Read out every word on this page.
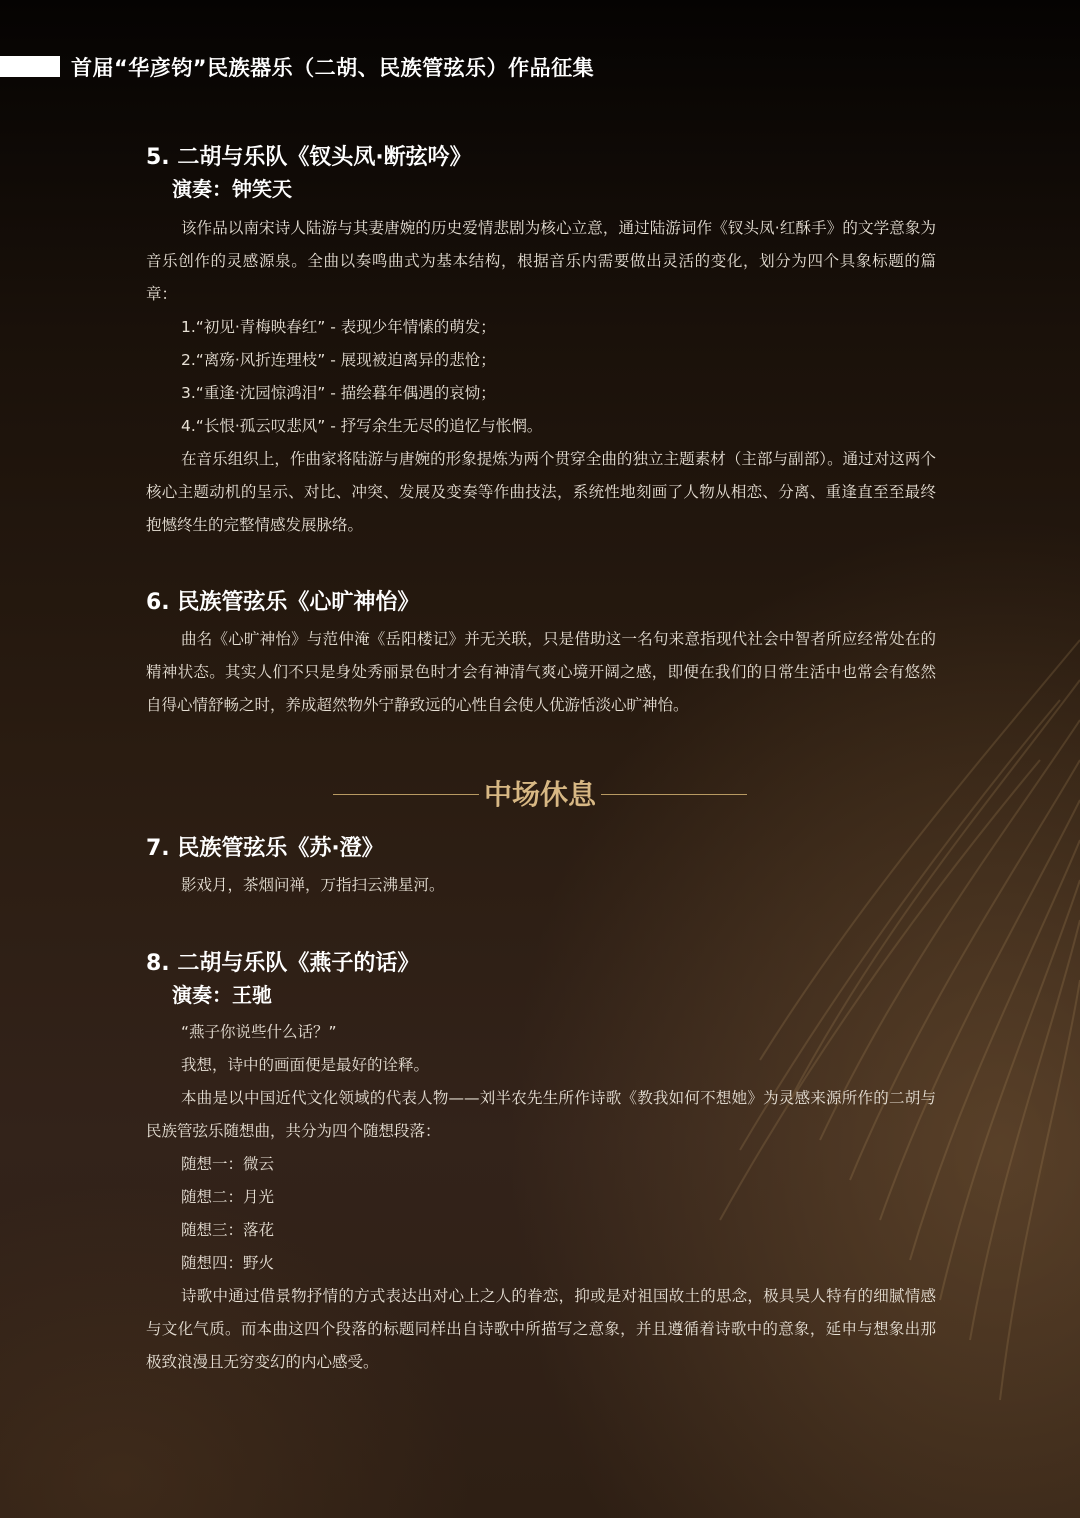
首届“华彦钧”民族器乐（二胡、民族管弦乐）作品征集
5. 二胡与乐队《钗头凤·断弦吟》
演奏：钟笑天

该作品以南宋诗人陆游与其妻唐婉的历史爱情悲剧为核心立意，通过陆游词作《钗头凤·红酥手》的文学意象为音乐创作的灵感源泉。全曲以奏鸣曲式为基本结构，根据音乐内需要做出灵活的变化，划分为四个具象标题的篇章：

1.“初见·青梅映春红” - 表现少年情愫的萌发；

2.“离殇·风折连理枝” - 展现被迫离异的悲怆；

3.“重逢·沈园惊鸿泪” - 描绘暮年偶遇的哀恸；

4.“长恨·孤云叹悲风” - 抒写余生无尽的追忆与怅惘。

在音乐组织上，作曲家将陆游与唐婉的形象提炼为两个贯穿全曲的独立主题素材（主部与副部）。通过对这两个核心主题动机的呈示、对比、冲突、发展及变奏等作曲技法，系统性地刻画了人物从相恋、分离、重逢直至至最终抱憾终生的完整情感发展脉络。

6. 民族管弦乐《心旷神怡》

曲名《心旷神怡》与范仲淹《岳阳楼记》并无关联，只是借助这一名句来意指现代社会中智者所应经常处在的精神状态。其实人们不只是身处秀丽景色时才会有神清气爽心境开阔之感，即便在我们的日常生活中也常会有悠然自得心情舒畅之时，养成超然物外宁静致远的心性自会使人优游恬淡心旷神怡。

中场休息
7. 民族管弦乐《苏·澄》

影戏月，茶烟问禅，万指扫云沸星河。

8. 二胡与乐队《燕子的话》
演奏：王驰

“燕子你说些什么话？”

我想，诗中的画面便是最好的诠释。

本曲是以中国近代文化领域的代表人物——刘半农先生所作诗歌《教我如何不想她》为灵感来源所作的二胡与民族管弦乐随想曲，共分为四个随想段落：

随想一：微云

随想二：月光

随想三：落花

随想四：野火

诗歌中通过借景物抒情的方式表达出对心上之人的眷恋，抑或是对祖国故土的思念，极具吴人特有的细腻情感与文化气质。而本曲这四个段落的标题同样出自诗歌中所描写之意象，并且遵循着诗歌中的意象，延申与想象出那极致浪漫且无穷变幻的内心感受。
